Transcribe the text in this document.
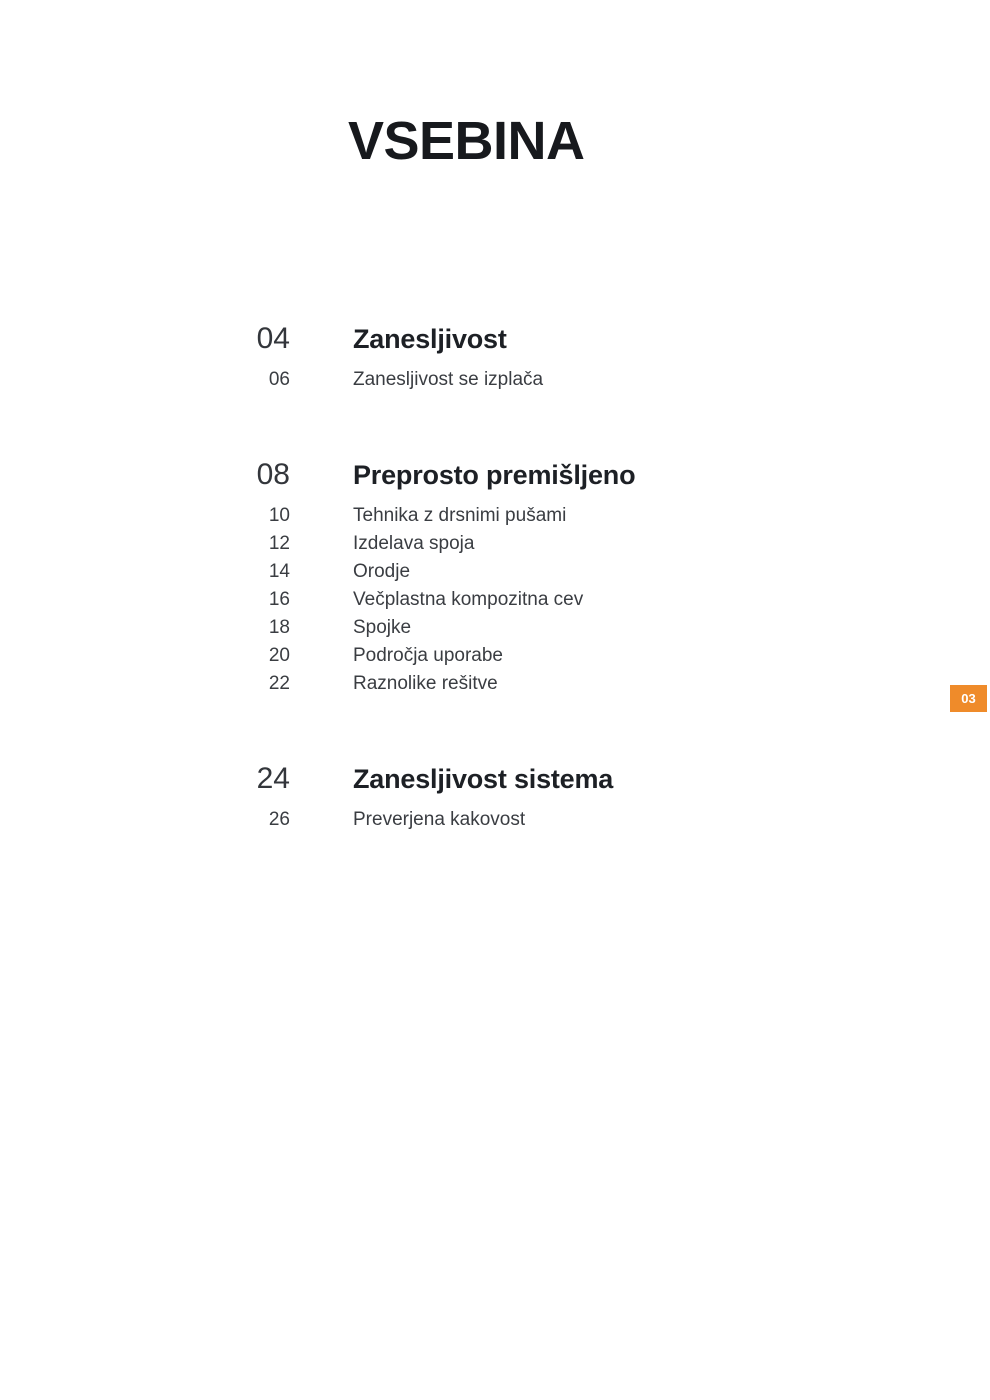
VSEBINA
04 Zanesljivost
06	Zanesljivost se izplača
08 Preprosto premišljeno
10	Tehnika z drsnimi pušami
12	Izdelava spoja
14	Orodje
16	Večplastna kompozitna cev
18	Spojke
20	Področja uporabe
22	Raznolike rešitve
24 Zanesljivost sistema
26	Preverjena kakovost
03
